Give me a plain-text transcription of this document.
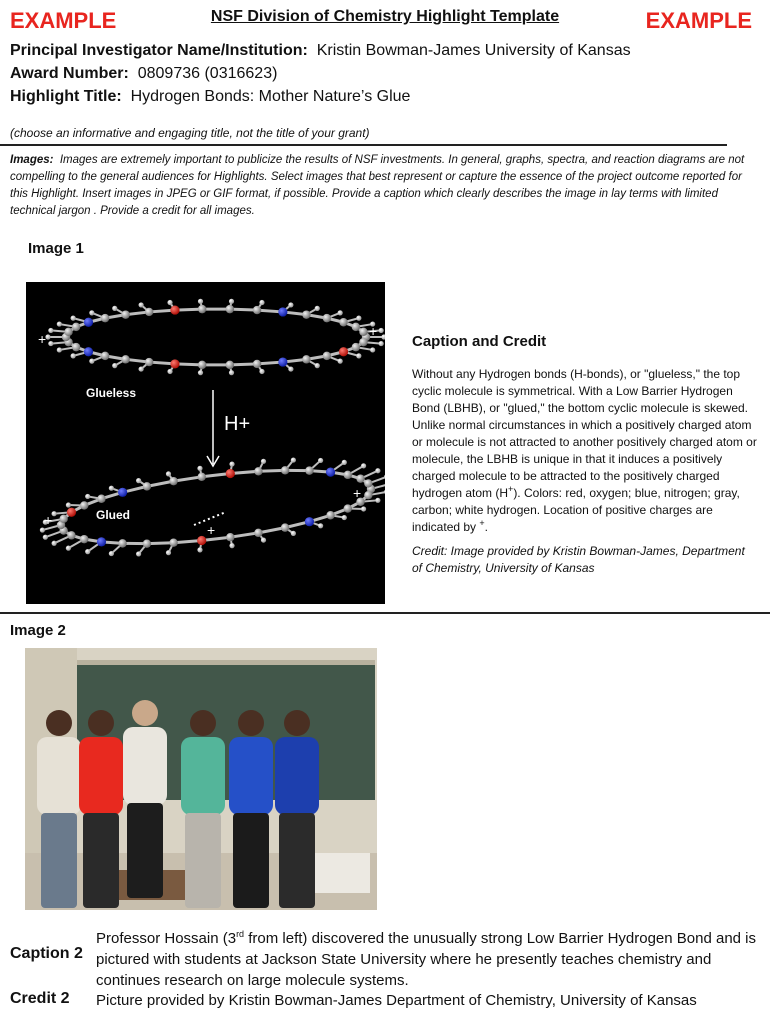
EXAMPLE	NSF Division of Chemistry Highlight Template	EXAMPLE
Principal Investigator Name/Institution: Kristin Bowman-James University of Kansas
Award Number: 0809736 (0316623)
Highlight Title: Hydrogen Bonds: Mother Nature’s Glue
(choose an informative and engaging title, not the title of your grant)
Images: Images are extremely important to publicize the results of NSF investments. In general, graphs, spectra, and reaction diagrams are not compelling to the general audiences for Highlights. Select images that best represent or capture the essence of the project outcome reported for this Highlight. Insert images in JPEG or GIF format, if possible. Provide a caption which clearly describes the image in lay terms with limited technical jargon . Provide a credit for all images.
Image 1
Glueless
Glued
H+
+	+
+
+
+
Caption and Credit
Without any Hydrogen bonds (H-bonds), or "glueless," the top cyclic molecule is symmetrical. With a Low Barrier Hydrogen Bond (LBHB), or "glued," the bottom cyclic molecule is skewed. Unlike normal circumstances in which a positively charged atom or molecule is not attracted to another positively charged atom or molecule, the LBHB is unique in that it induces a positively charged molecule to be attracted to the positively charged hydrogen atom (H+). Colors: red, oxygen; blue, nitrogen; gray, carbon; white hydrogen. Location of positive charges are indicated by +.
Credit: Image provided by Kristin Bowman-James, Department of Chemistry, University of Kansas
Image 2
Caption 2
Professor Hossain (3rd from left) discovered the unusually strong Low Barrier Hydrogen Bond and is pictured with students at Jackson State University where he presently teaches chemistry and continues research on large molecule systems.
Credit 2 Picture provided by Kristin Bowman-James Department of Chemistry, University of Kansas
